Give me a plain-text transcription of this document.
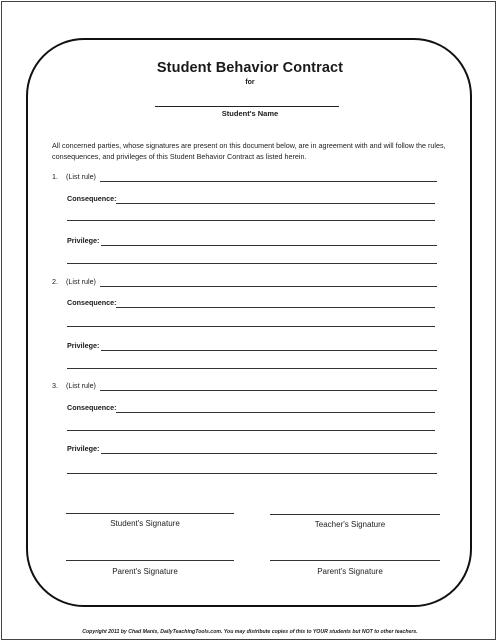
Student Behavior Contract
for
Student's Name
All concerned parties, whose signatures are present on this document below, are in agreement with and will follow the rules, consequences, and privileges of this Student Behavior Contract as listed herein.
1. (List rule)
Consequence:
Privilege:
2. (List rule)
Consequence:
Privilege:
3. (List rule)
Consequence:
Privilege:
Student's Signature	Teacher's Signature
Parent's Signature	Parent's Signature
Copyright 2011 by Chad Manis, DailyTeachingTools.com. You may distribute copies of this to YOUR students but NOT to other teachers.
